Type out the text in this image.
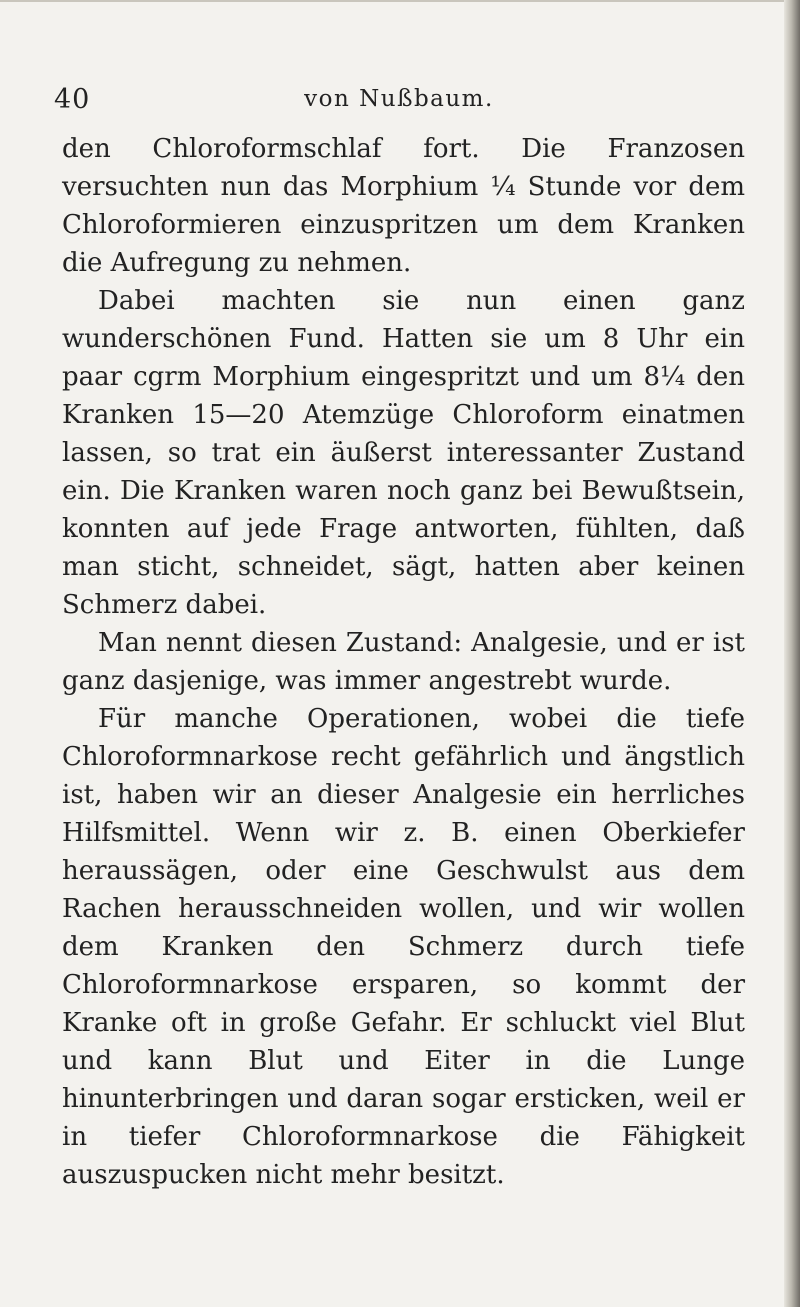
40	von Nußbaum.

den Chloroformschlaf fort. Die Franzosen versuchten nun das Morphium ¼ Stunde vor dem Chloroformieren einzuspritzen um dem Kranken die Aufregung zu nehmen.

Dabei machten sie nun einen ganz wunderschönen Fund. Hatten sie um 8 Uhr ein paar cgrm Morphium eingespritzt und um 8¼ den Kranken 15—20 Atemzüge Chloroform einatmen lassen, so trat ein äußerst interessanter Zustand ein. Die Kranken waren noch ganz bei Bewußtsein, konnten auf jede Frage antworten, fühlten, daß man sticht, schneidet, sägt, hatten aber keinen Schmerz dabei.

Man nennt diesen Zustand: Analgesie, und er ist ganz dasjenige, was immer angestrebt wurde.

Für manche Operationen, wobei die tiefe Chloroformnarkose recht gefährlich und ängstlich ist, haben wir an dieser Analgesie ein herrliches Hilfsmittel. Wenn wir z. B. einen Oberkiefer heraussägen, oder eine Geschwulst aus dem Rachen herausschneiden wollen, und wir wollen dem Kranken den Schmerz durch tiefe Chloroformnarkose ersparen, so kommt der Kranke oft in große Gefahr. Er schluckt viel Blut und kann Blut und Eiter in die Lunge hinunterbringen und daran sogar ersticken, weil er in tiefer Chloroformnarkose die Fähigkeit auszuspucken nicht mehr besitzt.
